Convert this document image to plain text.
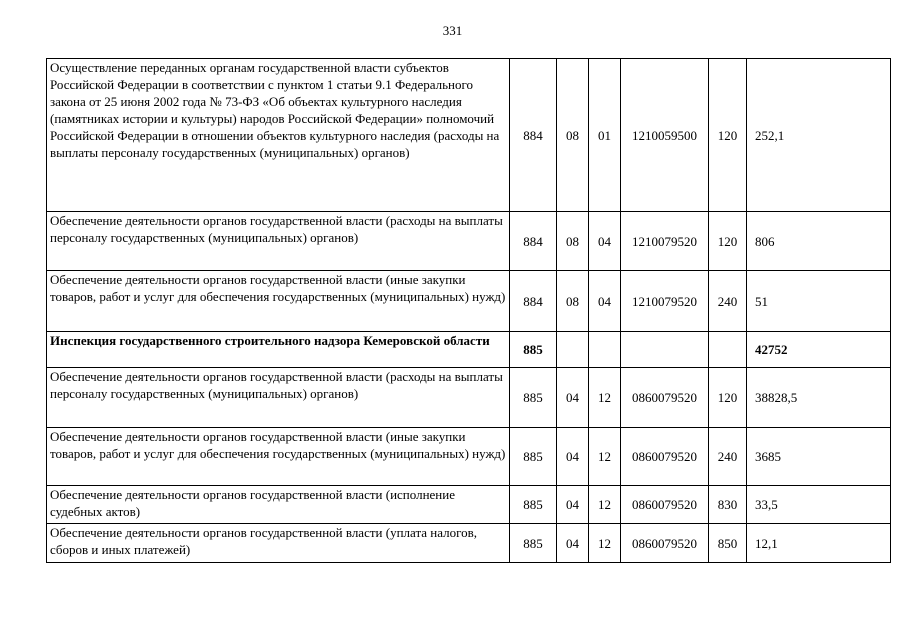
331
Осуществление переданных органам государственной власти субъектов Российской Федерации в соответствии с пунктом 1 статьи 9.1 Федерального закона от 25 июня 2002 года № 73-ФЗ «Об объектах культурного наследия (памятниках истории и культуры) народов Российской Федерации» полномочий Российской Федерации в отношении объектов культурного наследия (расходы на выплаты персоналу государственных (муниципальных) органов)	884	08	01	1210059500	120	252,1
Обеспечение деятельности органов государственной власти (расходы на выплаты персоналу государственных (муниципальных) органов)	884	08	04	1210079520	120	806
Обеспечение деятельности органов государственной власти (иные закупки товаров, работ и услуг для обеспечения государственных (муниципальных) нужд)	884	08	04	1210079520	240	51
Инспекция государственного строительного надзора Кемеровской области	885					42752
Обеспечение деятельности органов государственной власти (расходы на выплаты персоналу государственных (муниципальных) органов)	885	04	12	0860079520	120	38828,5
Обеспечение деятельности органов государственной власти (иные закупки товаров, работ и услуг для обеспечения государственных (муниципальных) нужд)	885	04	12	0860079520	240	3685
Обеспечение деятельности органов государственной власти (исполнение судебных актов)	885	04	12	0860079520	830	33,5
Обеспечение деятельности органов государственной власти (уплата налогов, сборов и иных платежей)	885	04	12	0860079520	850	12,1
